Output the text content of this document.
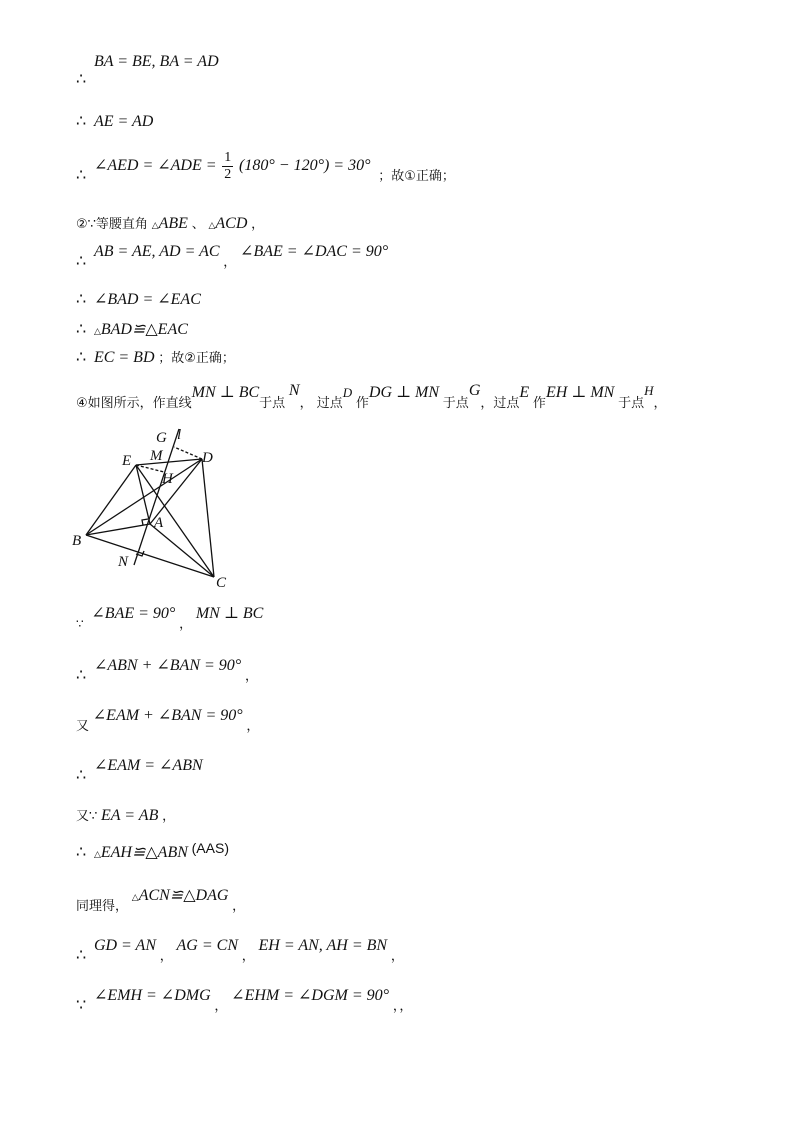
∴ BA = BE, BA = AD
∴ AE = AD
∴ ∠AED = ∠ADE = $\frac{1}{2} (180^\circ - 120^\circ) = 30^\circ$ ；故①正确；
②∵等腰直角 △ABE 、 △ACD ，
∴ AB = AE, AD = AC ， ∠BAE = ∠DAC = 90°
∴ ∠BAD = ∠EAC
∴ △BAD≌△EAC
∴ EC = BD ；故②正确；
④如图所示，作直线MN ⊥ BC于点 N， 过点D 作DG ⊥ MN 于点G，过点E 作EH ⊥ MN 于点H，
G l
E M	D
H
A
B
N
C
$_\because$ ∠BAE = 90° ， MN ⊥ BC
∴ ∠ABN + ∠BAN = 90° ，
又 ∠EAM + ∠BAN = 90° ，
∴ ∠EAM = ∠ABN
又∵ EA = AB ，
∴ △EAH≌△ABN (AAS)
同理得， △ACN≌△DAG ，
∴ GD = AN ， AG = CN ， EH = AN, AH = BN ，
∵ ∠EMH = ∠DMG ， ∠EHM = ∠DGM = 90° ，，
